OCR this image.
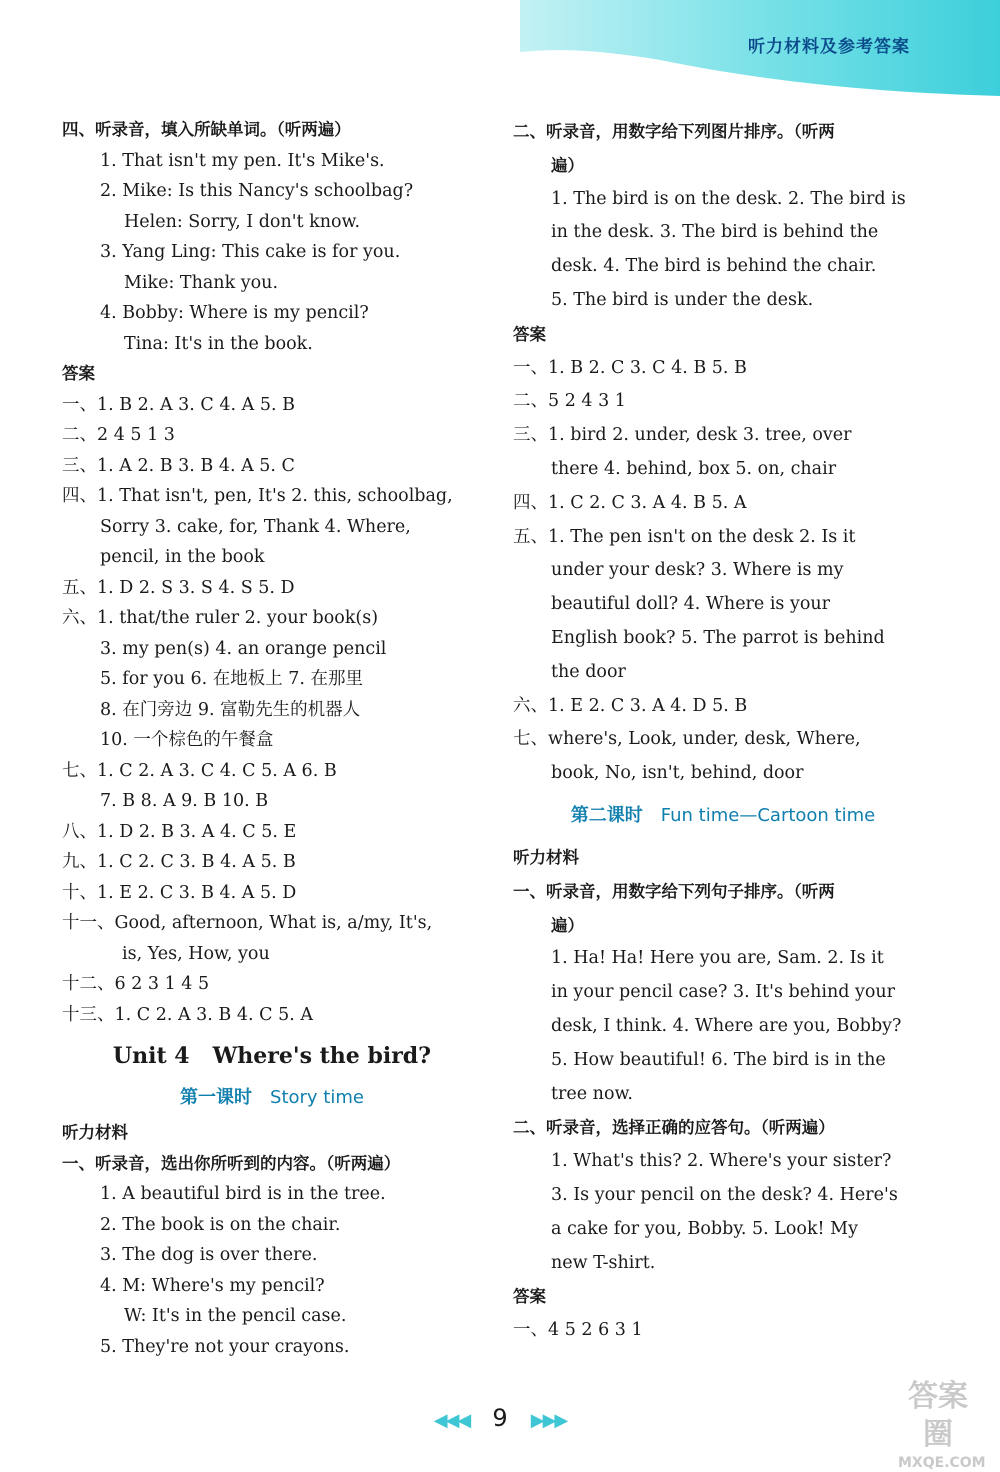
听力材料及参考答案
四、听录音，填入所缺单词。（听两遍）
1. That isn't my pen. It's Mike's.
2. Mike: Is this Nancy's schoolbag?
Helen: Sorry, I don't know.
3. Yang Ling: This cake is for you.
Mike: Thank you.
4. Bobby: Where is my pencil?
Tina: It's in the book.
答案
一、1. B 2. A 3. C 4. A 5. B
二、2 4 5 1 3
三、1. A 2. B 3. B 4. A 5. C
四、1. That isn't, pen, It's 2. this, schoolbag,
Sorry 3. cake, for, Thank 4. Where,
pencil, in the book
五、1. D 2. S 3. S 4. S 5. D
六、1. that/the ruler 2. your book(s)
3. my pen(s) 4. an orange pencil
5. for you 6. 在地板上 7. 在那里
8. 在门旁边 9. 富勒先生的机器人
10. 一个棕色的午餐盒
七、1. C 2. A 3. C 4. C 5. A 6. B
7. B 8. A 9. B 10. B
八、1. D 2. B 3. A 4. C 5. E
九、1. C 2. C 3. B 4. A 5. B
十、1. E 2. C 3. B 4. A 5. D
十一、Good, afternoon, What is, a/my, It's,
is, Yes, How, you
十二、6 2 3 1 4 5
十三、1. C 2. A 3. B 4. C 5. A
Unit 4   Where's the bird?
第一课时 Story time
听力材料
一、听录音，选出你所听到的内容。（听两遍）
1. A beautiful bird is in the tree.
2. The book is on the chair.
3. The dog is over there.
4. M: Where's my pencil?
W: It's in the pencil case.
5. They're not your crayons.
二、听录音，用数字给下列图片排序。（听两
遍）
1. The bird is on the desk. 2. The bird is
in the desk. 3. The bird is behind the
desk. 4. The bird is behind the chair.
5. The bird is under the desk.
答案
一、1. B 2. C 3. C 4. B 5. B
二、5 2 4 3 1
三、1. bird 2. under, desk 3. tree, over
there 4. behind, box 5. on, chair
四、1. C 2. C 3. A 4. B 5. A
五、1. The pen isn't on the desk 2. Is it
under your desk? 3. Where is my
beautiful doll? 4. Where is your
English book? 5. The parrot is behind
the door
六、1. E 2. C 3. A 4. D 5. B
七、where's, Look, under, desk, Where,
book, No, isn't, behind, door
第二课时 Fun time—Cartoon time
听力材料
一、听录音，用数字给下列句子排序。（听两
遍）
1. Ha! Ha! Here you are, Sam. 2. Is it
in your pencil case? 3. It's behind your
desk, I think. 4. Where are you, Bobby?
5. How beautiful! 6. The bird is in the
tree now.
二、听录音，选择正确的应答句。（听两遍）
1. What's this? 2. Where's your sister?
3. Is your pencil on the desk? 4. Here's
a cake for you, Bobby. 5. Look! My
new T-shirt.
答案
一、4 5 2 6 3 1
◀◀◀ 9 ▶▶▶
答案圈
MXQE.COM
